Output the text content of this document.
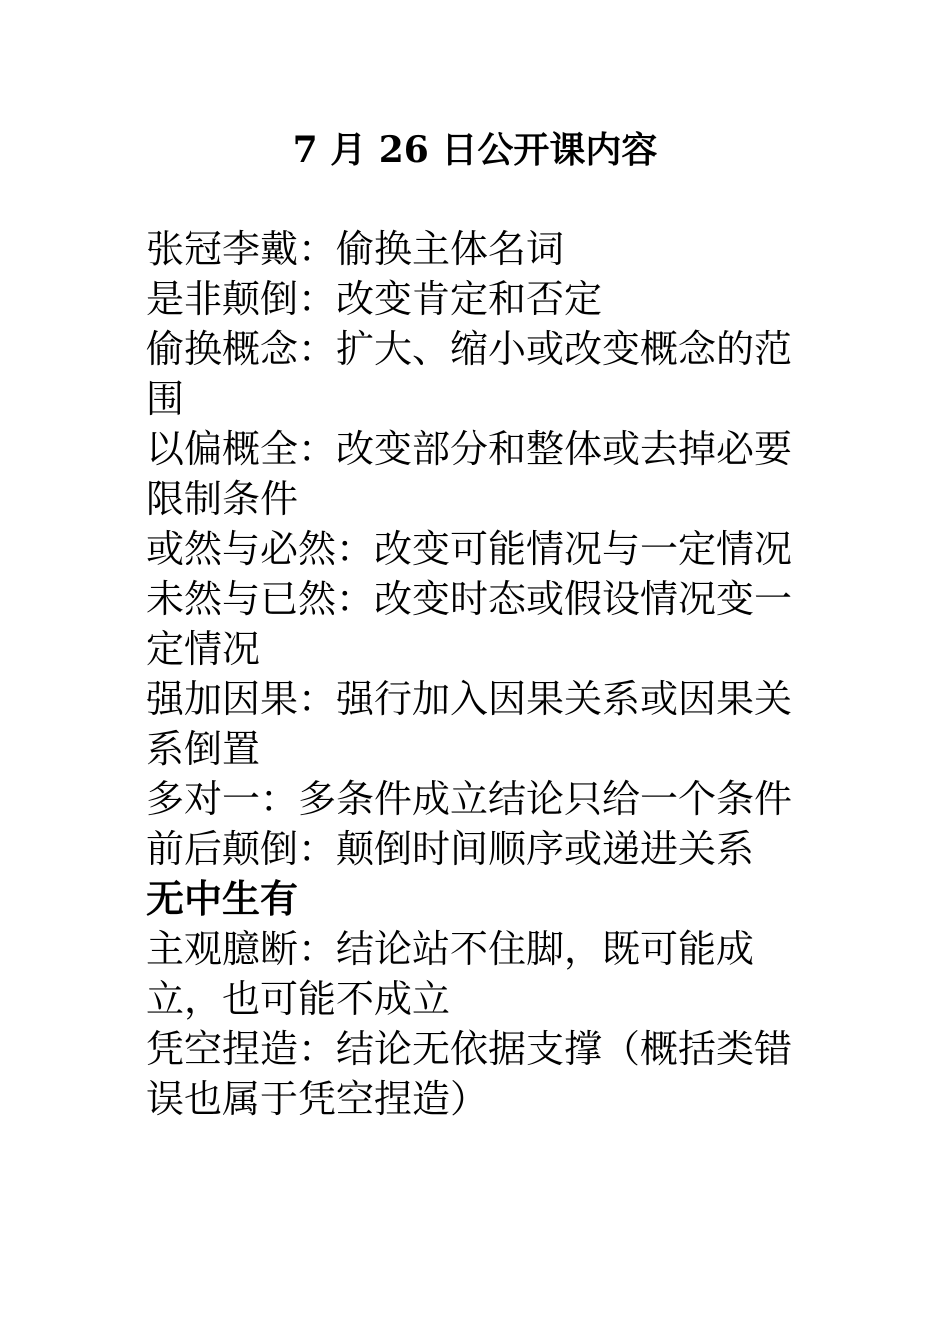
7 月 26 日公开课内容

张冠李戴：偷换主体名词

是非颠倒：改变肯定和否定

偷换概念：扩大、缩小或改变概念的范围

以偏概全：改变部分和整体或去掉必要限制条件

或然与必然：改变可能情况与一定情况

未然与已然：改变时态或假设情况变一定情况

强加因果：强行加入因果关系或因果关系倒置

多对一：多条件成立结论只给一个条件

前后颠倒：颠倒时间顺序或递进关系

无中生有

主观臆断：结论站不住脚，既可能成立，也可能不成立

凭空捏造：结论无依据支撑（概括类错误也属于凭空捏造）
